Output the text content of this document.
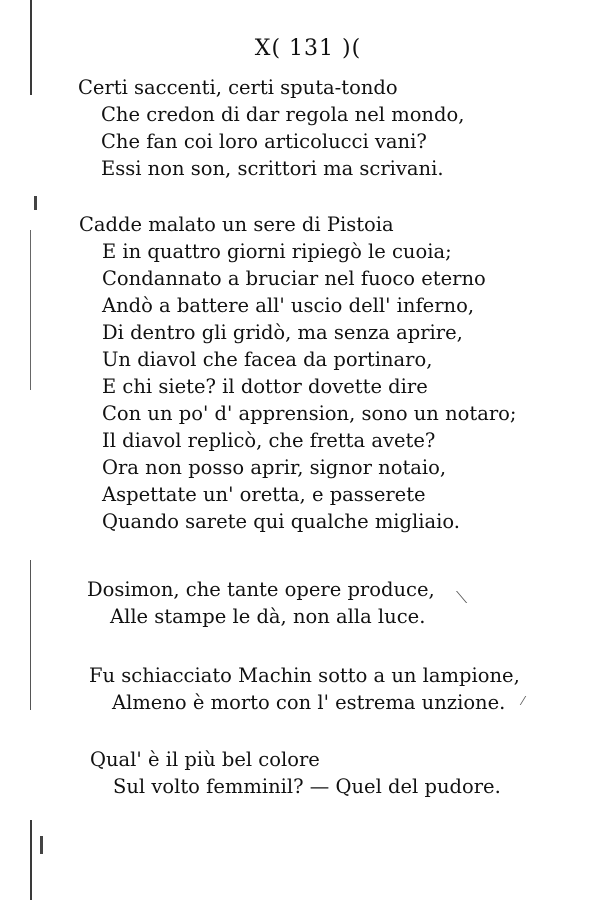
X( 131 )(
Certi saccenti, certi sputa-tondo
Che credon di dar regola nel mondo,
Che fan coi loro articolucci vani?
Essi non son, scrittori ma scrivani.
Cadde malato un sere di Pistoia
E in quattro giorni ripiegò le cuoia;
Condannato a bruciar nel fuoco eterno
Andò a battere all' uscio dell' inferno,
Di dentro gli gridò, ma senza aprire,
Un diavol che facea da portinaro,
E chi siete? il dottor dovette dire
Con un po' d' apprension, sono un notaro;
Il diavol replicò, che fretta avete?
Ora non posso aprir, signor notaio,
Aspettate un' oretta, e passerete
Quando sarete qui qualche migliaio.
Dosimon, che tante opere produce,
Alle stampe le dà, non alla luce.
Fu schiacciato Machin sotto a un lampione,
Almeno è morto con l' estrema unzione.
Qual' è il più bel colore
Sul volto femminil? — Quel del pudore.
⟍
⁄
